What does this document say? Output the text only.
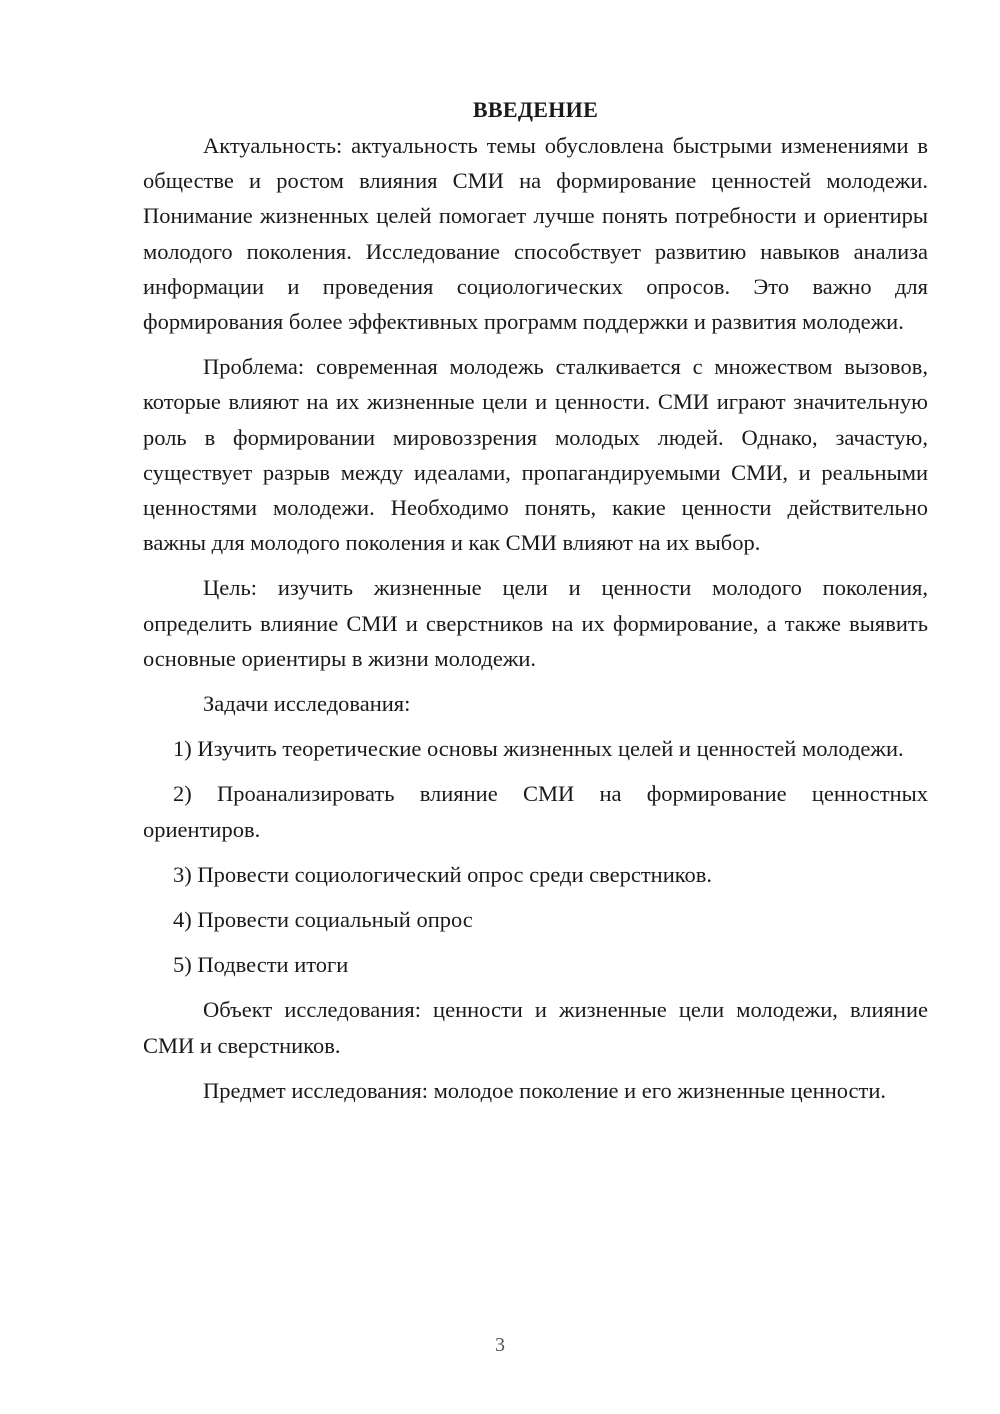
ВВЕДЕНИЕ

Актуальность: актуальность темы обусловлена быстрыми изменениями в обществе и ростом влияния СМИ на формирование ценностей молодежи. Понимание жизненных целей помогает лучше понять потребности и ориентиры молодого поколения. Исследование способствует развитию навыков анализа информации и проведения социологических опросов. Это важно для формирования более эффективных программ поддержки и развития молодежи.

Проблема: современная молодежь сталкивается с множеством вызовов, которые влияют на их жизненные цели и ценности. СМИ играют значительную роль в формировании мировоззрения молодых людей. Однако, зачастую, существует разрыв между идеалами, пропагандируемыми СМИ, и реальными ценностями молодежи. Необходимо понять, какие ценности действительно важны для молодого поколения и как СМИ влияют на их выбор.

Цель: изучить жизненные цели и ценности молодого поколения, определить влияние СМИ и сверстников на их формирование, а также выявить основные ориентиры в жизни молодежи.

Задачи исследования:

1) Изучить теоретические основы жизненных целей и ценностей молодежи.

2) Проанализировать влияние СМИ на формирование ценностных ориентиров.

3) Провести социологический опрос среди сверстников.

4) Провести социальный опрос

5) Подвести итоги

Объект исследования: ценности и жизненные цели молодежи, влияние СМИ и сверстников.

Предмет исследования: молодое поколение и его жизненные ценности.

3
